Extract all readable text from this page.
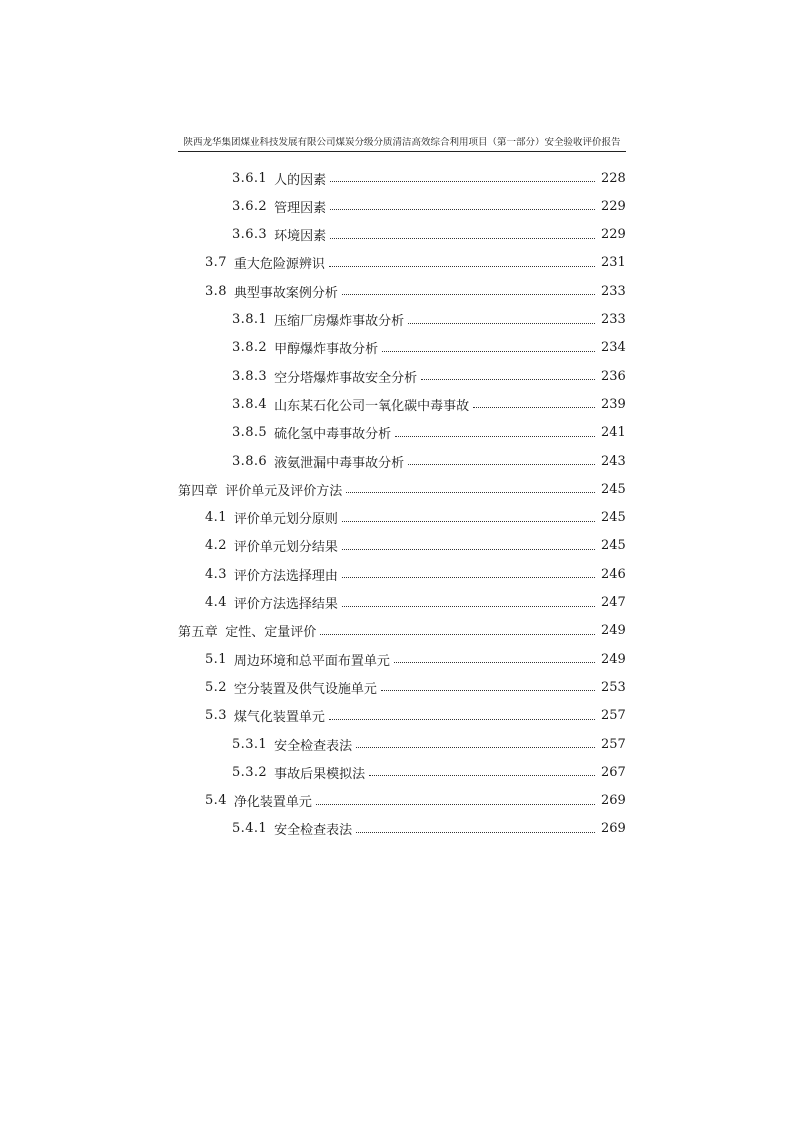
陕西龙华集团煤业科技发展有限公司煤炭分级分质清洁高效综合利用项目（第一部分）安全验收评价报告
3.6.1 人的因素	228
3.6.2 管理因素	229
3.6.3 环境因素	229
3.7 重大危险源辨识	231
3.8 典型事故案例分析	233
3.8.1 压缩厂房爆炸事故分析	233
3.8.2 甲醇爆炸事故分析	234
3.8.3 空分塔爆炸事故安全分析	236
3.8.4 山东某石化公司一氧化碳中毒事故	239
3.8.5 硫化氢中毒事故分析	241
3.8.6 液氨泄漏中毒事故分析	243
第四章 评价单元及评价方法	245
4.1 评价单元划分原则	245
4.2 评价单元划分结果	245
4.3 评价方法选择理由	246
4.4 评价方法选择结果	247
第五章 定性、定量评价	249
5.1 周边环境和总平面布置单元	249
5.2 空分装置及供气设施单元	253
5.3 煤气化装置单元	257
5.3.1 安全检查表法	257
5.3.2 事故后果模拟法	267
5.4 净化装置单元	269
5.4.1 安全检查表法	269
